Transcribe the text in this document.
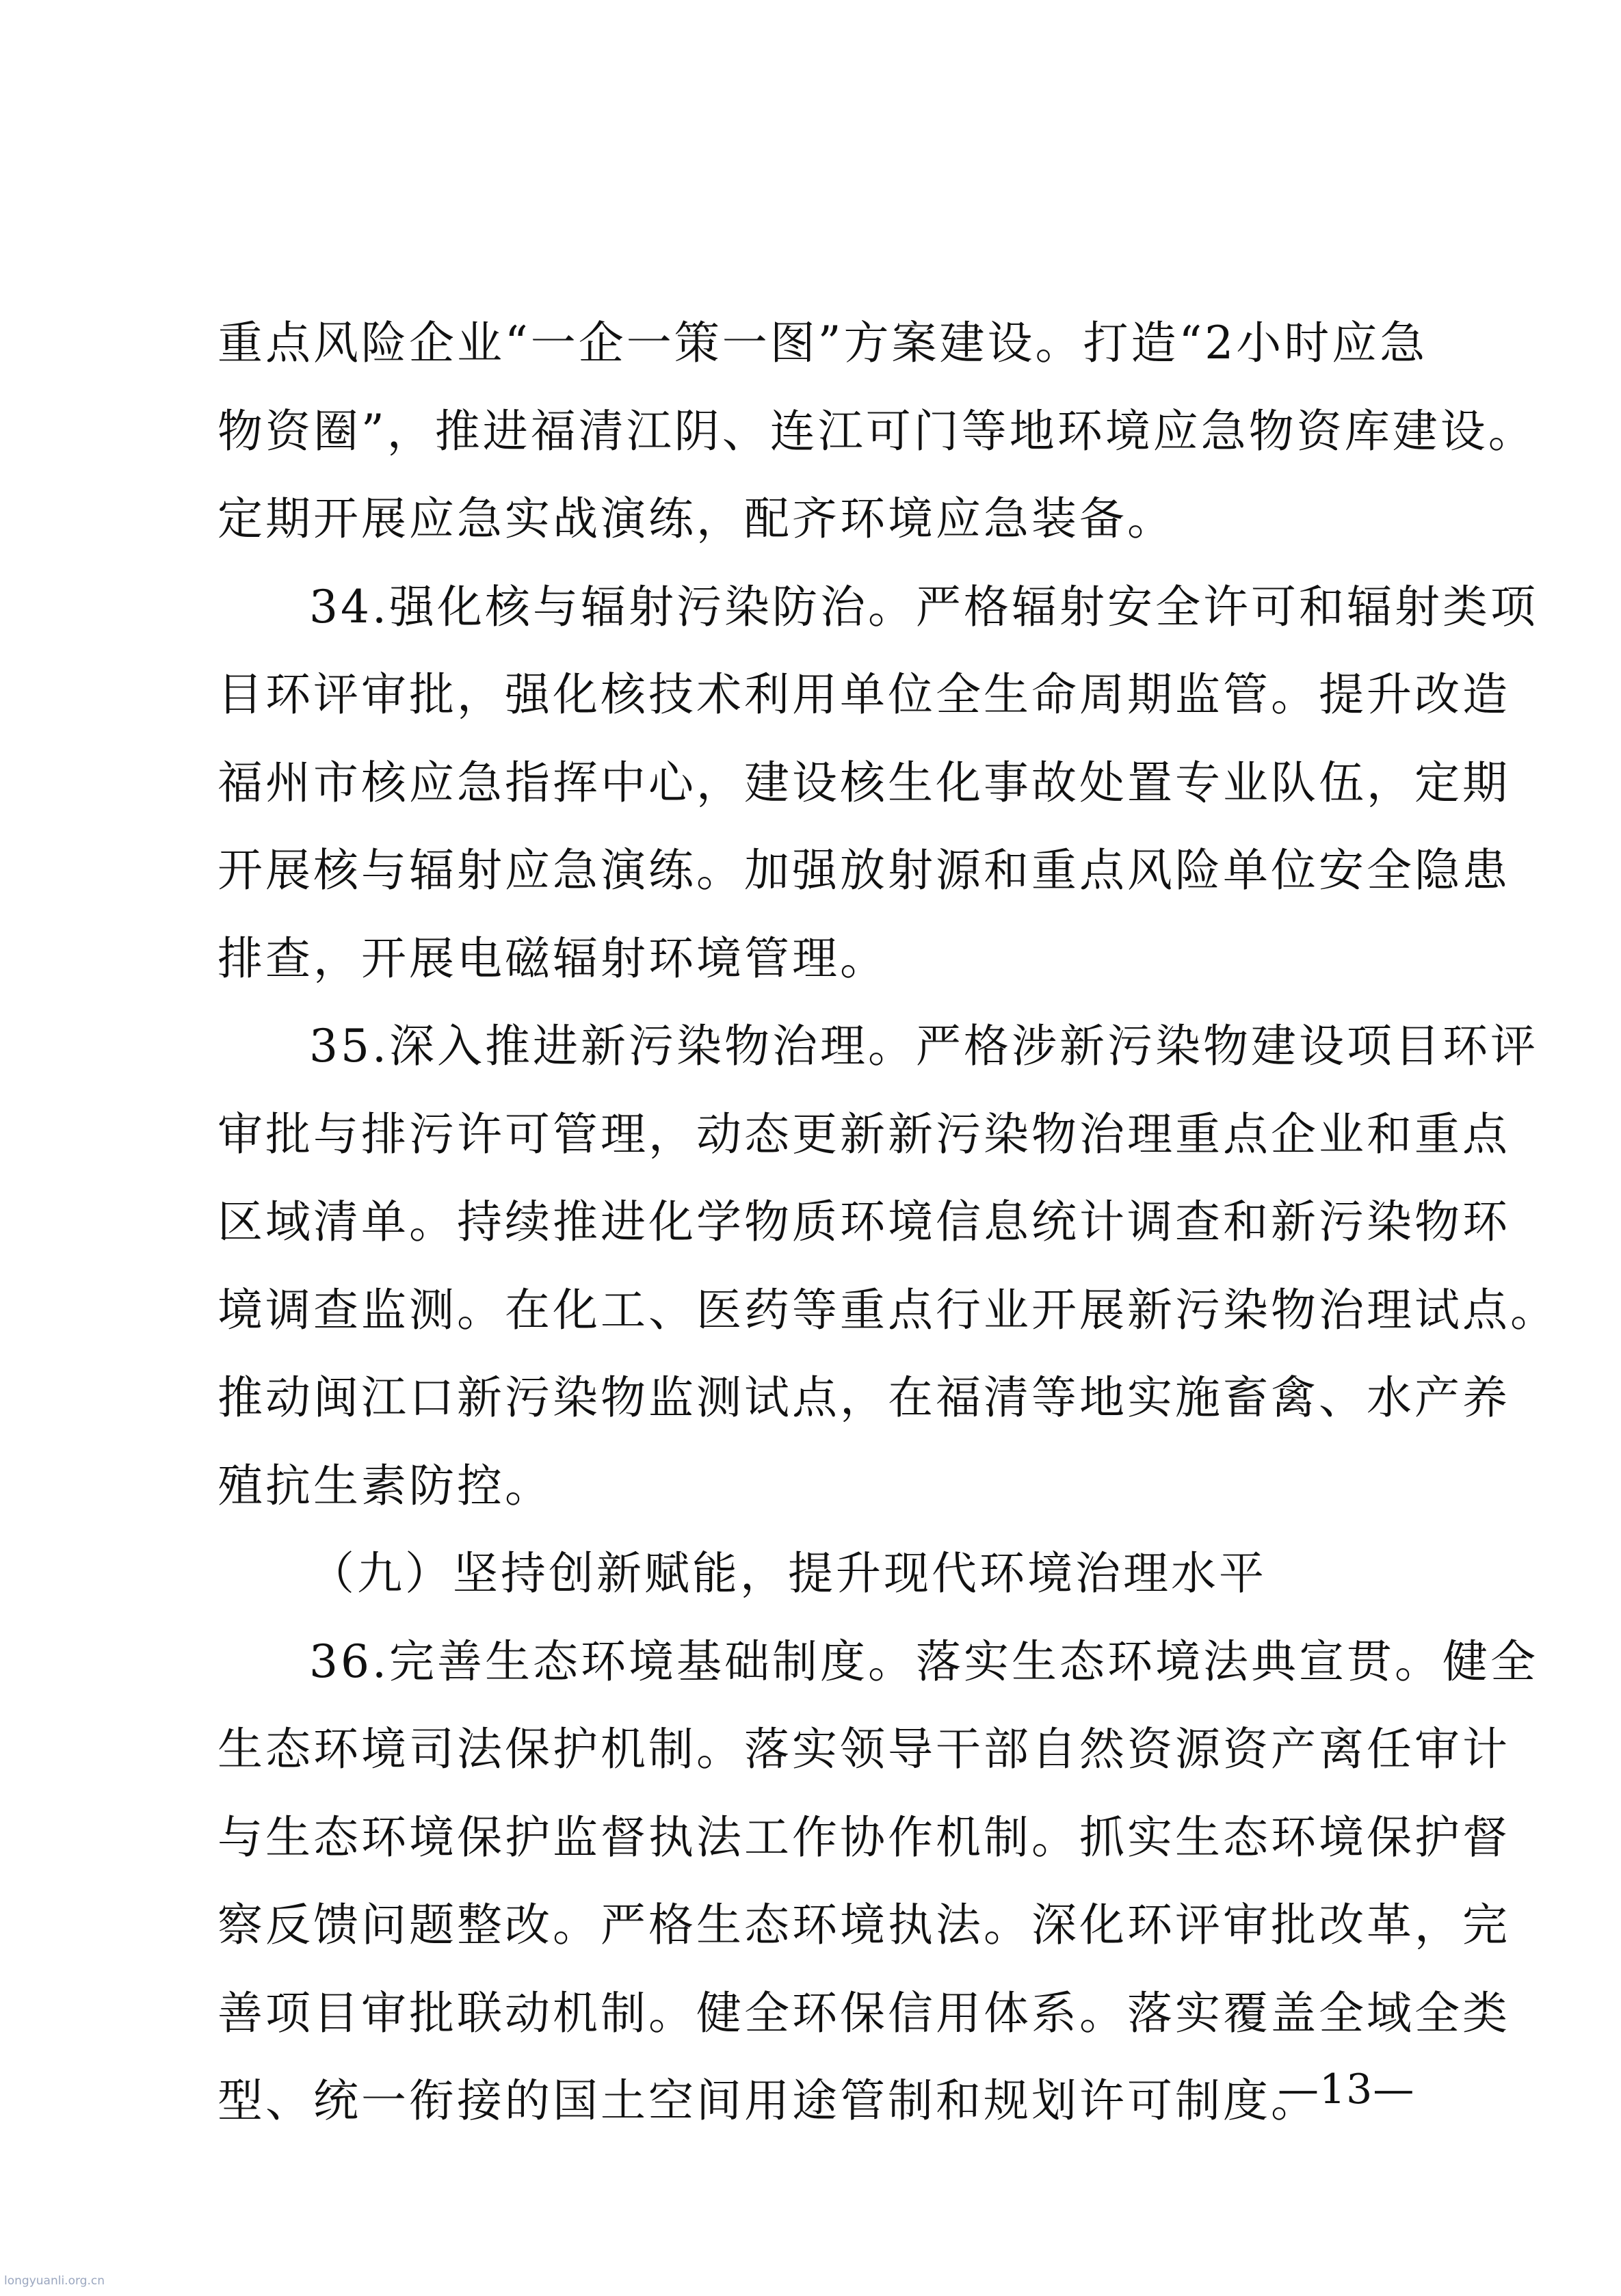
重点风险企业“一企一策一图”方案建设。打造“2小时应急
物资圈”，推进福清江阴、连江可门等地环境应急物资库建设。
定期开展应急实战演练，配齐环境应急装备。
34.强化核与辐射污染防治。严格辐射安全许可和辐射类项
目环评审批，强化核技术利用单位全生命周期监管。提升改造
福州市核应急指挥中心，建设核生化事故处置专业队伍，定期
开展核与辐射应急演练。加强放射源和重点风险单位安全隐患
排查，开展电磁辐射环境管理。
35.深入推进新污染物治理。严格涉新污染物建设项目环评
审批与排污许可管理，动态更新新污染物治理重点企业和重点
区域清单。持续推进化学物质环境信息统计调查和新污染物环
境调查监测。在化工、医药等重点行业开展新污染物治理试点。
推动闽江口新污染物监测试点，在福清等地实施畜禽、水产养
殖抗生素防控。
（九）坚持创新赋能，提升现代环境治理水平
36.完善生态环境基础制度。落实生态环境法典宣贯。健全
生态环境司法保护机制。落实领导干部自然资源资产离任审计
与生态环境保护监督执法工作协作机制。抓实生态环境保护督
察反馈问题整改。严格生态环境执法。深化环评审批改革，完
善项目审批联动机制。健全环保信用体系。落实覆盖全域全类
型、统一衔接的国土空间用途管制和规划许可制度。
—13—
longyuanli.org.cn
